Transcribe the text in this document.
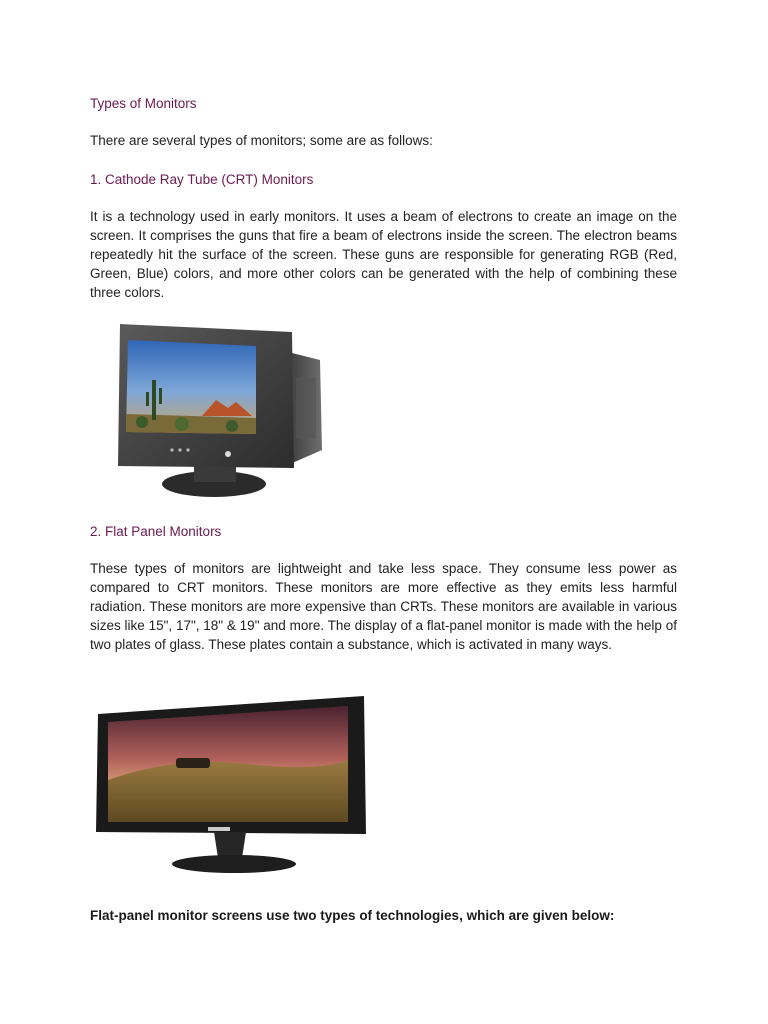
Types of Monitors

There are several types of monitors; some are as follows:

1. Cathode Ray Tube (CRT) Monitors

It is a technology used in early monitors. It uses a beam of electrons to create an image on the screen. It comprises the guns that fire a beam of electrons inside the screen. The electron beams repeatedly hit the surface of the screen. These guns are responsible for generating RGB (Red, Green, Blue) colors, and more other colors can be generated with the help of combining these three colors.

2. Flat Panel Monitors

These types of monitors are lightweight and take less space. They consume less power as compared to CRT monitors. These monitors are more effective as they emits less harmful radiation. These monitors are more expensive than CRTs. These monitors are available in various sizes like 15", 17", 18" & 19" and more. The display of a flat-panel monitor is made with the help of two plates of glass. These plates contain a substance, which is activated in many ways.

Flat-panel monitor screens use two types of technologies, which are given below:
